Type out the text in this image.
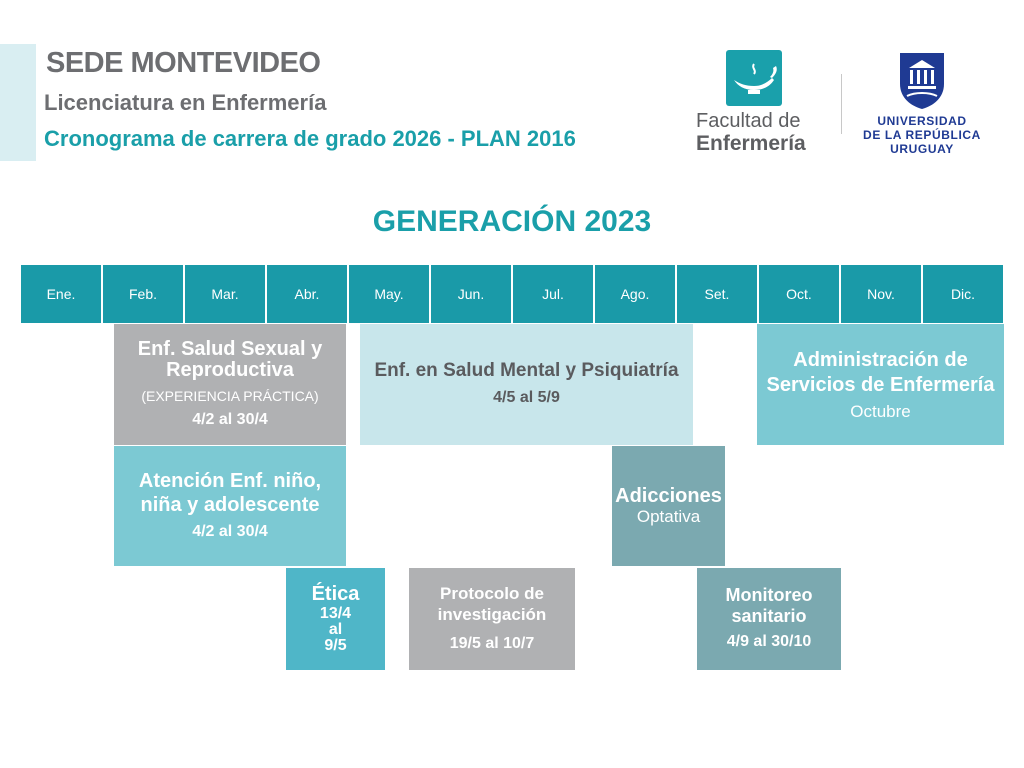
SEDE MONTEVIDEO
Licenciatura en Enfermería
Cronograma de carrera de grado 2026 - PLAN 2016
Facultad de
Enfermería
UNIVERSIDAD
DE LA REPÚBLICA
URUGUAY
GENERACIÓN 2023
Ene.	Feb.	Mar.	Abr.	May.	Jun.	Jul.	Ago.	Set.	Oct.	Nov.	Dic.
Enf. Salud Sexual y Reproductiva
(EXPERIENCIA PRÁCTICA)
4/2 al 30/4
Enf. en Salud Mental y Psiquiatría
4/5 al 5/9
Administración de Servicios de Enfermería
Octubre
Atención Enf. niño, niña y adolescente
4/2 al 30/4
Adicciones
Optativa
Ética
13/4
al
9/5
Protocolo de investigación
19/5 al 10/7
Monitoreo sanitario
4/9 al 30/10
